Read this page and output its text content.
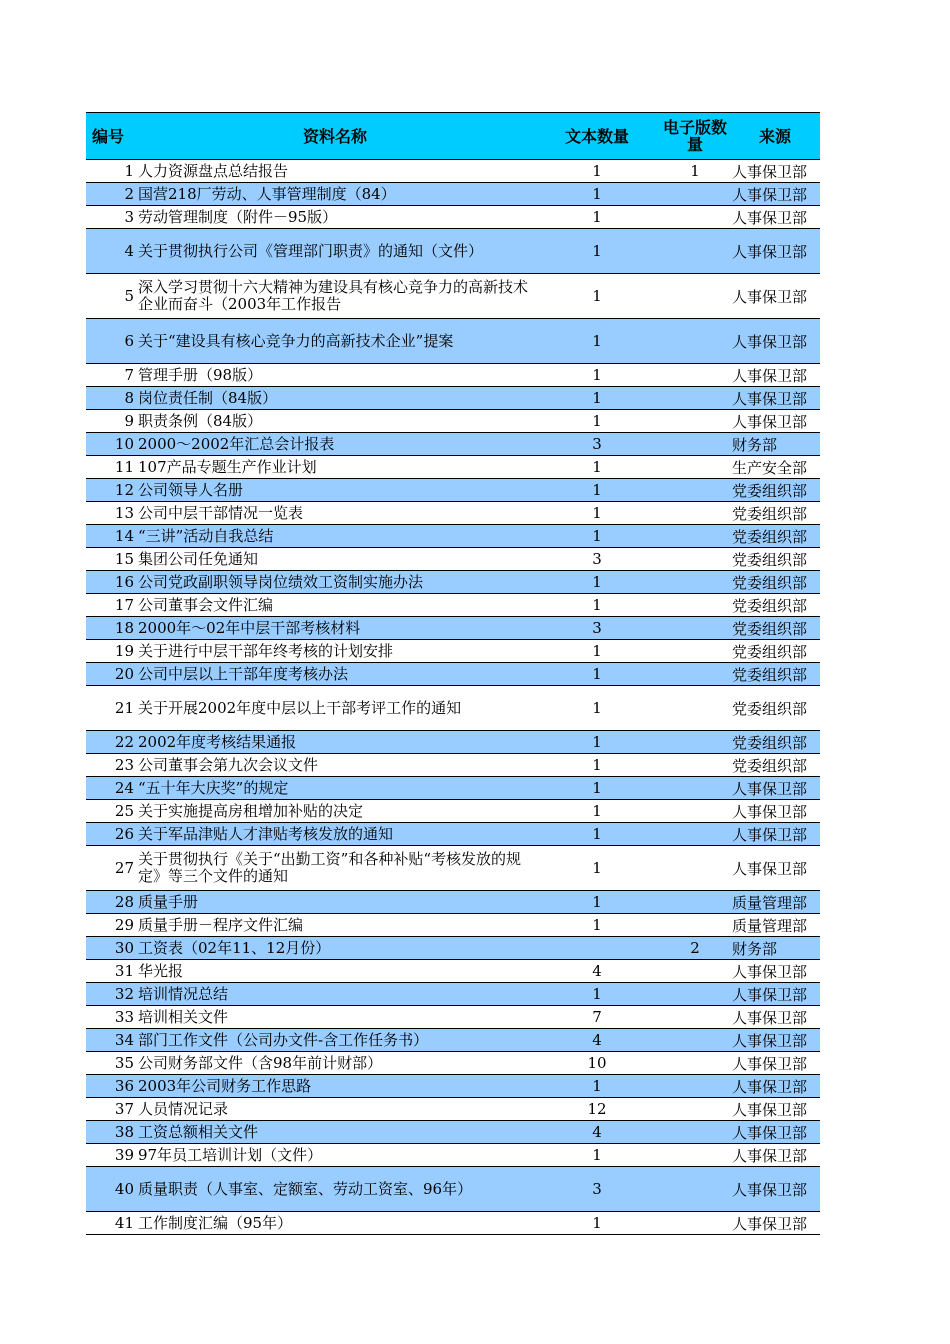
编号	资料名称	文本数量	电子版数量	来源
1	人力资源盘点总结报告	1	1	人事保卫部
2	国营218厂劳动、人事管理制度（84）	1		人事保卫部
3	劳动管理制度（附件－95版）	1		人事保卫部
4	关于贯彻执行公司《管理部门职责》的通知（文件）	1		人事保卫部
5	深入学习贯彻十六大精神为建设具有核心竞争力的高新技术企业而奋斗（2003年工作报告	1		人事保卫部
6	关于“建设具有核心竞争力的高新技术企业”提案	1		人事保卫部
7	管理手册（98版）	1		人事保卫部
8	岗位责任制（84版）	1		人事保卫部
9	职责条例（84版）	1		人事保卫部
10	2000～2002年汇总会计报表	3		财务部
11	107产品专题生产作业计划	1		生产安全部
12	公司领导人名册	1		党委组织部
13	公司中层干部情况一览表	1		党委组织部
14	“三讲”活动自我总结	1		党委组织部
15	集团公司任免通知	3		党委组织部
16	公司党政副职领导岗位绩效工资制实施办法	1		党委组织部
17	公司董事会文件汇编	1		党委组织部
18	2000年～02年中层干部考核材料	3		党委组织部
19	关于进行中层干部年终考核的计划安排	1		党委组织部
20	公司中层以上干部年度考核办法	1		党委组织部
21	关于开展2002年度中层以上干部考评工作的通知	1		党委组织部
22	2002年度考核结果通报	1		党委组织部
23	公司董事会第九次会议文件	1		党委组织部
24	“五十年大庆奖”的规定	1		人事保卫部
25	关于实施提高房租增加补贴的决定	1		人事保卫部
26	关于军品津贴人才津贴考核发放的通知	1		人事保卫部
27	关于贯彻执行《关于“出勤工资”和各种补贴“考核发放的规定》等三个文件的通知	1		人事保卫部
28	质量手册	1		质量管理部
29	质量手册－程序文件汇编	1		质量管理部
30	工资表（02年11、12月份）		2	财务部
31	华光报	4		人事保卫部
32	培训情况总结	1		人事保卫部
33	培训相关文件	7		人事保卫部
34	部门工作文件（公司办文件-含工作任务书）	4		人事保卫部
35	公司财务部文件（含98年前计财部）	10		人事保卫部
36	2003年公司财务工作思路	1		人事保卫部
37	人员情况记录	12		人事保卫部
38	工资总额相关文件	4		人事保卫部
39	97年员工培训计划（文件）	1		人事保卫部
40	质量职责（人事室、定额室、劳动工资室、96年）	3		人事保卫部
41	工作制度汇编（95年）	1		人事保卫部
